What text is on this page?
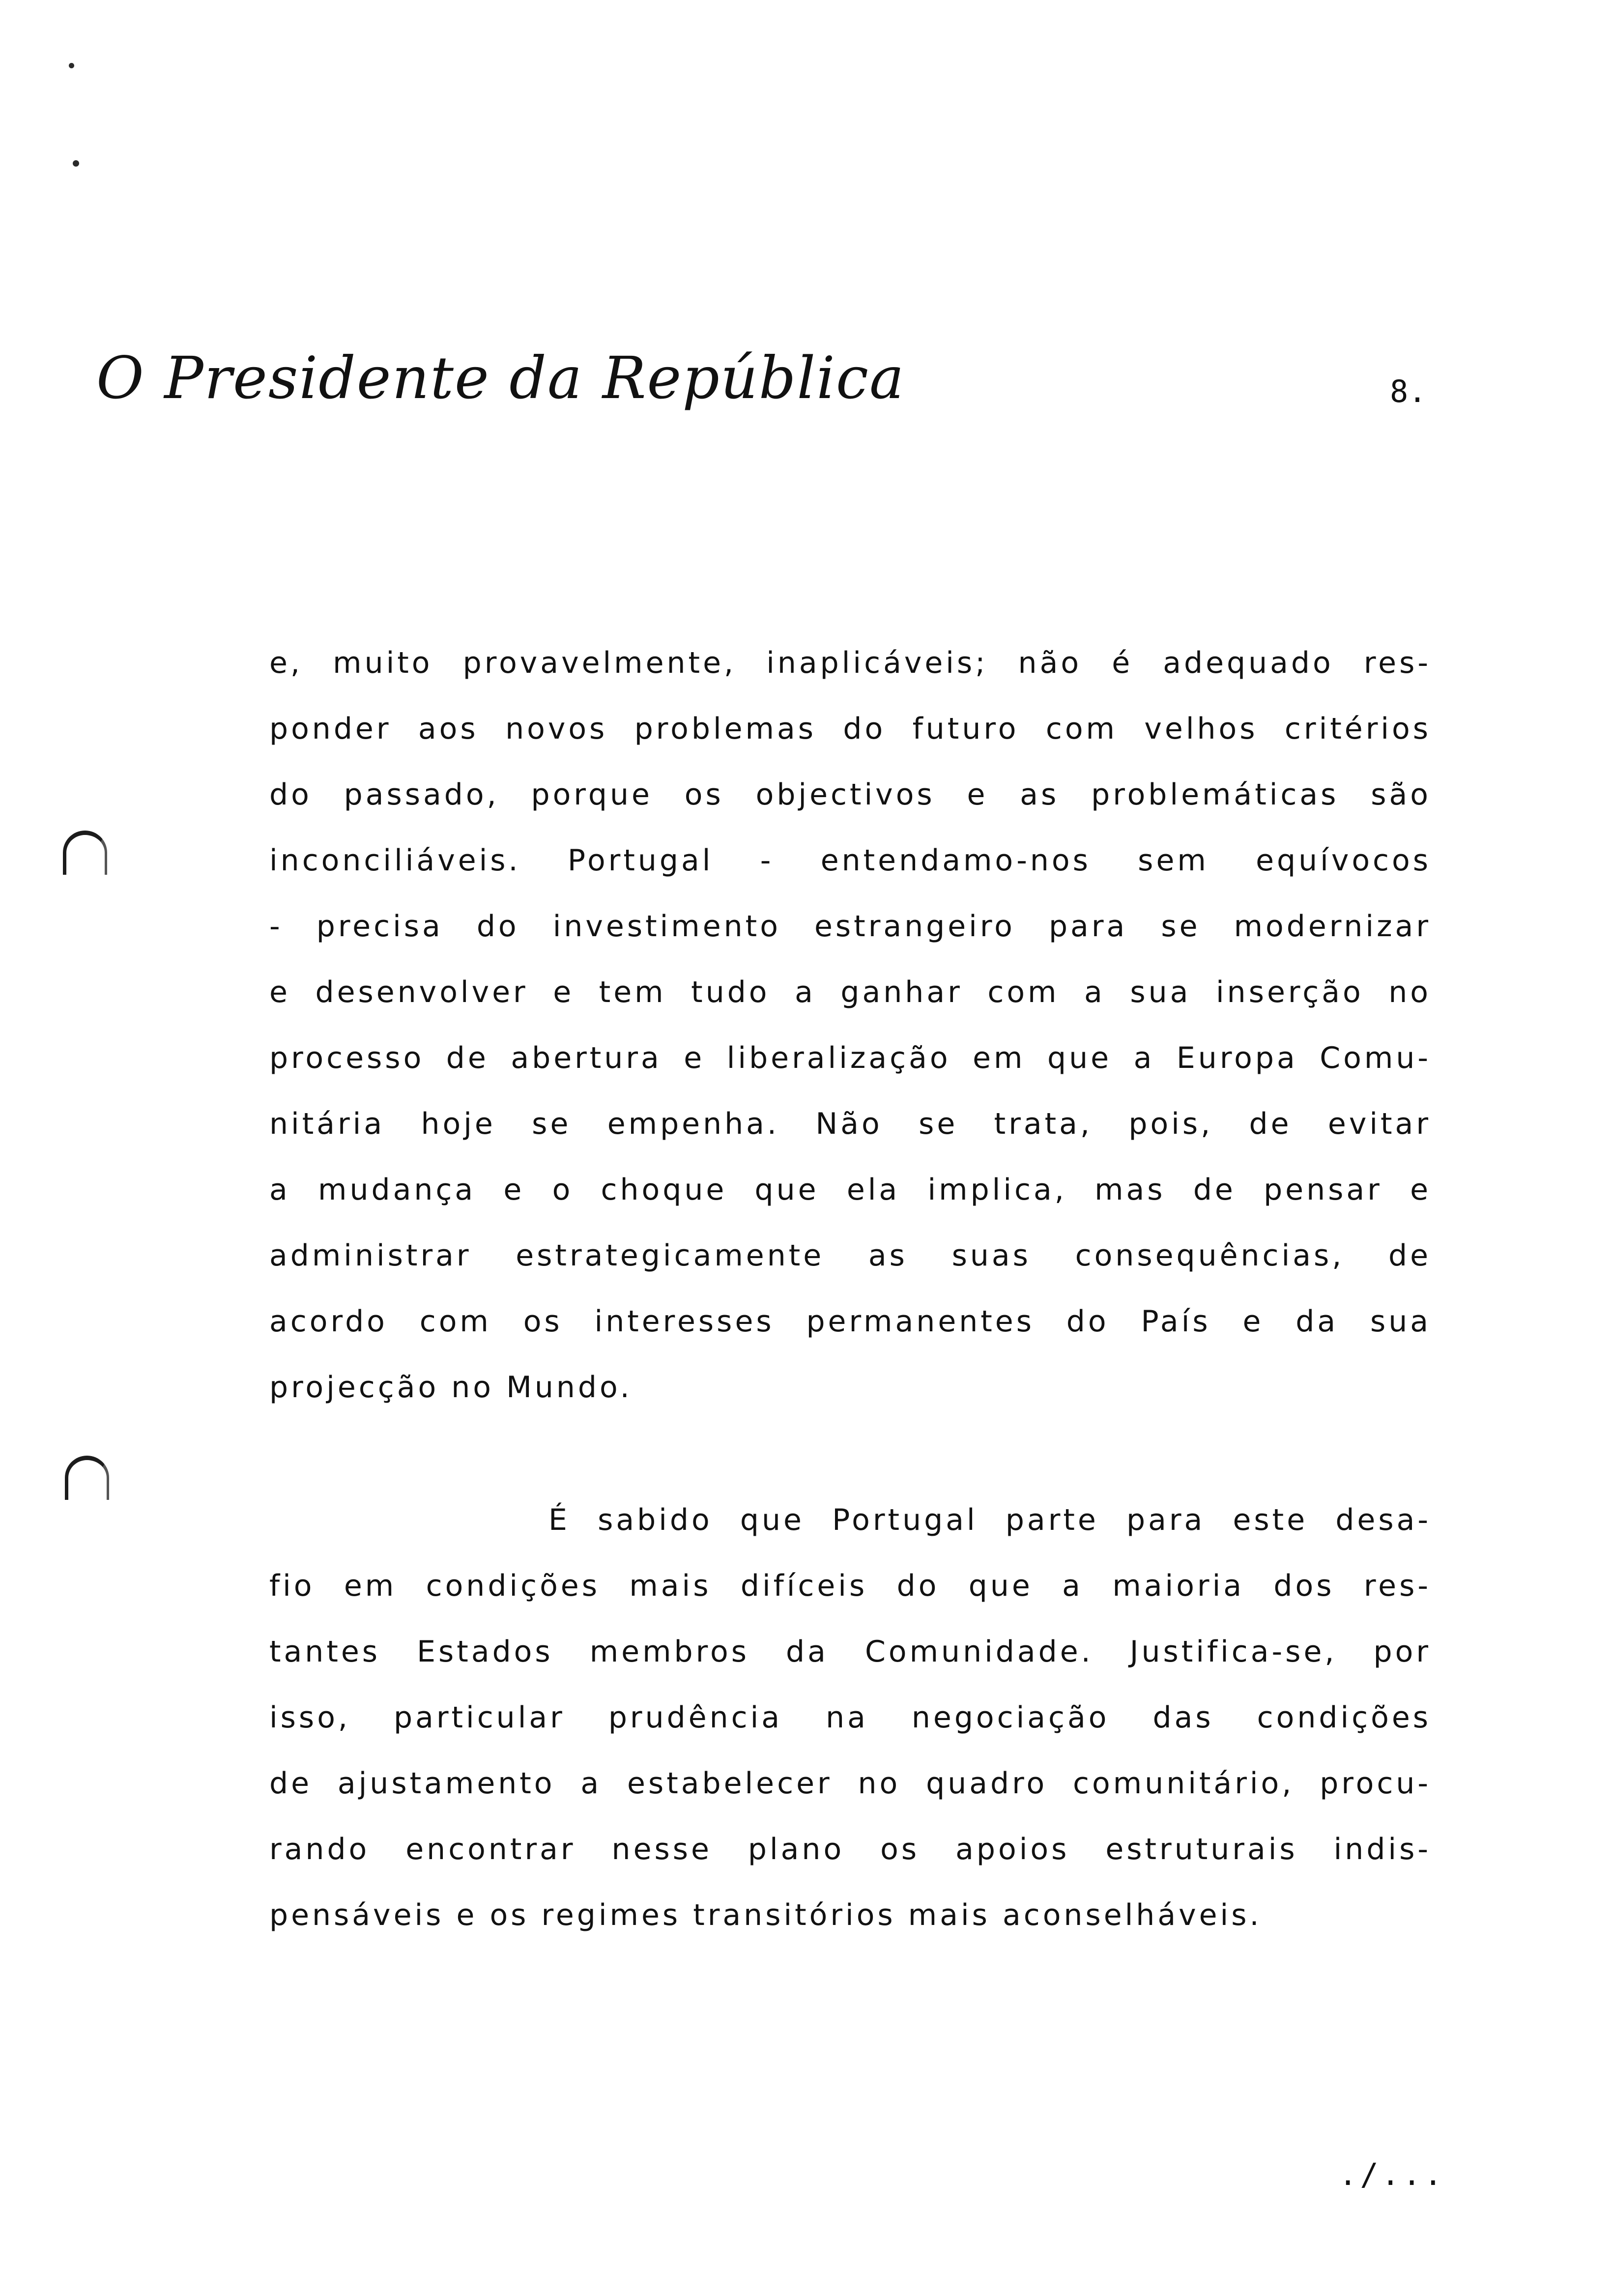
O Presidente da República	8.
e, muito provavelmente, inaplicáveis; não é adequado res-
ponder aos novos problemas do futuro com velhos critérios
do passado, porque os objectivos e as problemáticas são
inconciliáveis. Portugal - entendamo-nos sem equívocos
- precisa do investimento estrangeiro para se modernizar
e desenvolver e tem tudo a ganhar com a sua inserção no
processo de abertura e liberalização em que a Europa Comu-
nitária hoje se empenha. Não se trata, pois, de evitar
a mudança e o choque que ela implica, mas de pensar e
administrar estrategicamente as suas consequências, de
acordo com os interesses permanentes do País e da sua
projecção no Mundo.
É sabido que Portugal parte para este desa-
fio em condições mais difíceis do que a maioria dos res-
tantes Estados membros da Comunidade. Justifica-se, por
isso, particular prudência na negociação das condições
de ajustamento a estabelecer no quadro comunitário, procu-
rando encontrar nesse plano os apoios estruturais indis-
pensáveis e os regimes transitórios mais aconselháveis.
./...
